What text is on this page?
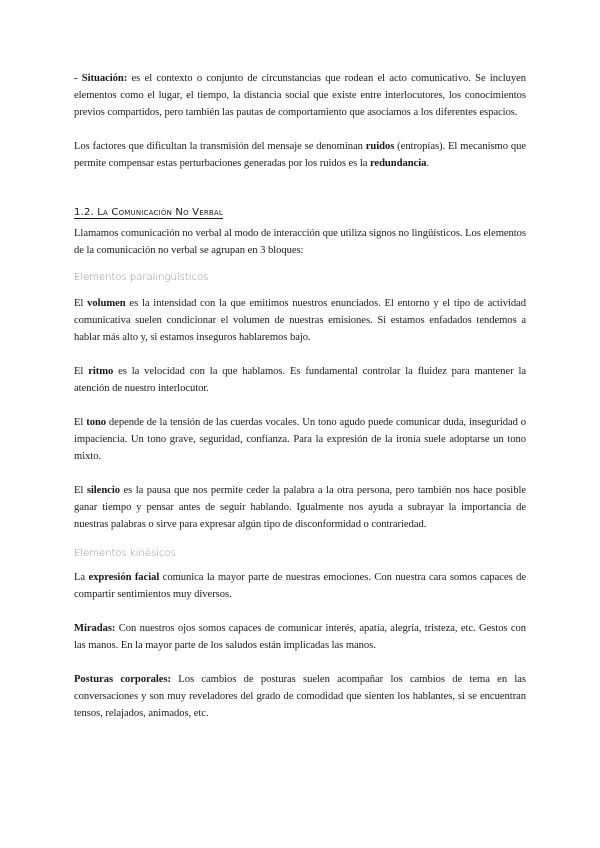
- Situación: es el contexto o conjunto de circunstancias que rodean el acto comunicativo. Se incluyen elementos como el lugar, el tiempo, la distancia social que existe entre interlocutores, los conocimientos previos compartidos, pero también las pautas de comportamiento que asociamos a los diferentes espacios.

Los factores que dificultan la transmisión del mensaje se denominan ruidos (entropías). El mecanismo que permite compensar estas perturbaciones generadas por los ruidos es la redundancia.

1.2. La Comunicación No Verbal

Llamamos comunicación no verbal al modo de interacción que utiliza signos no lingüísticos. Los elementos de la comunicación no verbal se agrupan en 3 bloques:

Elementos paralingüísticos

El volumen es la intensidad con la que emitimos nuestros enunciados. El entorno y el tipo de actividad comunicativa suelen condicionar el volumen de nuestras emisiones. Si estamos enfadados tendemos a hablar más alto y, si estamos inseguros hablaremos bajo.

El ritmo es la velocidad con la que hablamos. Es fundamental controlar la fluidez para mantener la atención de nuestro interlocutor.

El tono depende de la tensión de las cuerdas vocales. Un tono agudo puede comunicar duda, inseguridad o impaciencia. Un tono grave, seguridad, confianza. Para la expresión de la ironía suele adoptarse un tono mixto.

El silencio es la pausa que nos permite ceder la palabra a la otra persona, pero también nos hace posible ganar tiempo y pensar antes de seguir hablando. Igualmente nos ayuda a subrayar la importancia de nuestras palabras o sirve para expresar algún tipo de disconformidad o contrariedad.

Elementos kinésicos

La expresión facial comunica la mayor parte de nuestras emociones. Con nuestra cara somos capaces de compartir sentimientos muy diversos.

Miradas: Con nuestros ojos somos capaces de comunicar interés, apatía, alegría, tristeza, etc. Gestos con las manos. En la mayor parte de los saludos están implicadas las manos.

Posturas corporales: Los cambios de posturas suelen acompañar los cambios de tema en las conversaciones y son muy reveladores del grado de comodidad que sienten los hablantes, si se encuentran tensos, relajados, animados, etc.
